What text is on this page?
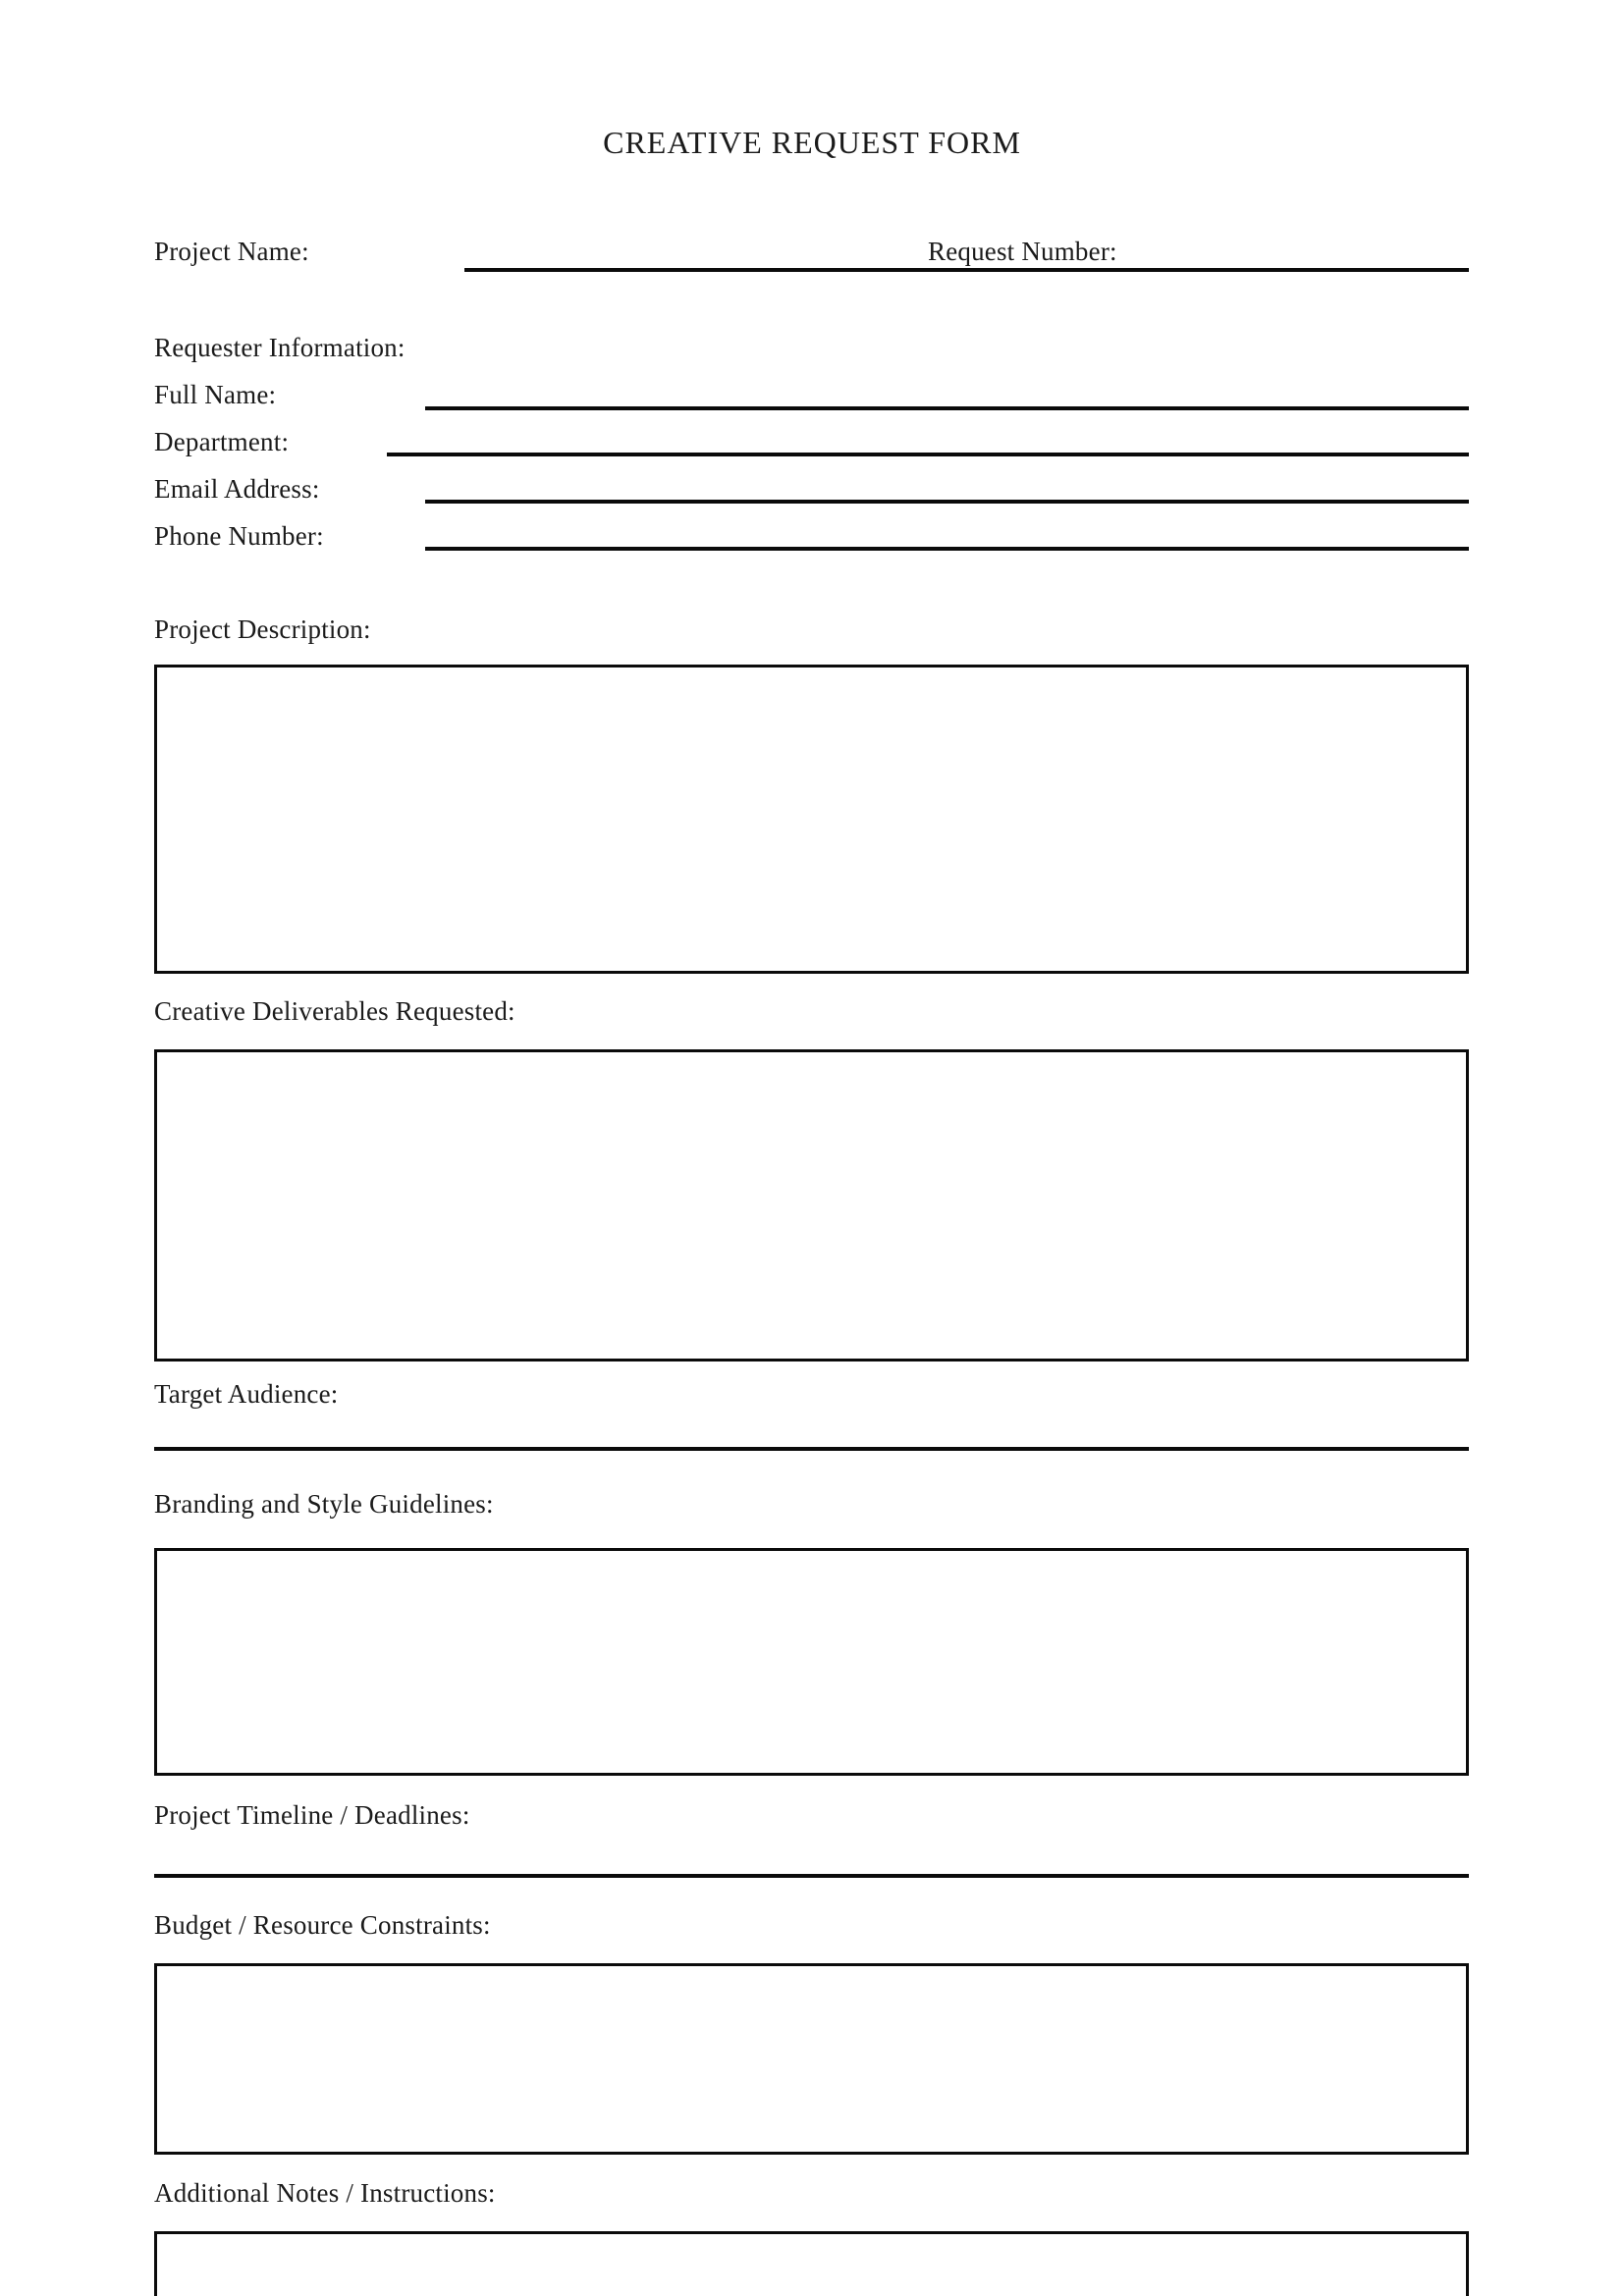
CREATIVE REQUEST FORM
Project Name:	Request Number:
Requester Information:
Full Name:
Department:
Email Address:
Phone Number:
Project Description:
Creative Deliverables Requested:
Target Audience:
Branding and Style Guidelines:
Project Timeline / Deadlines:
Budget / Resource Constraints:
Additional Notes / Instructions:
